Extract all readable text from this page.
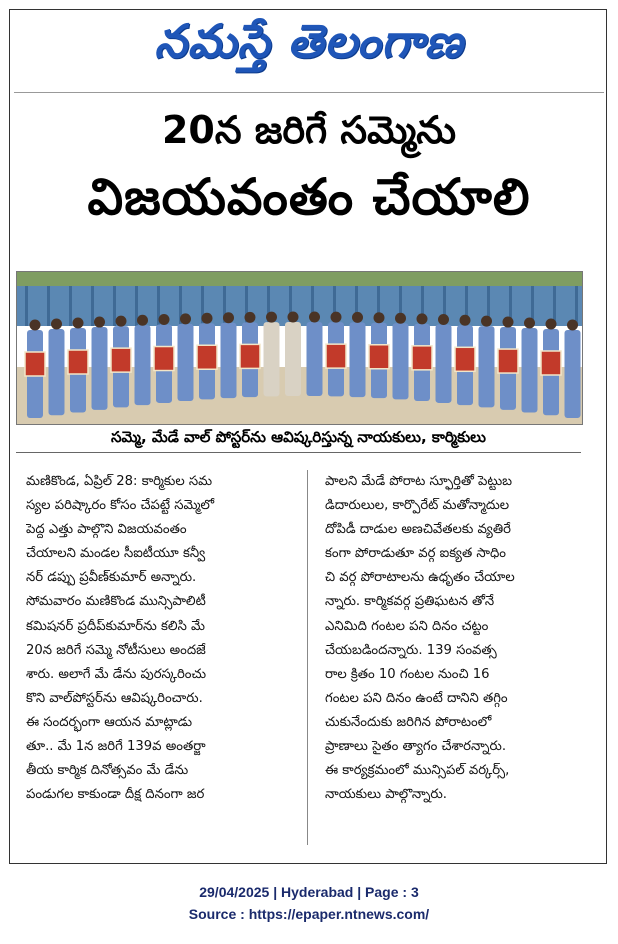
నమస్తే తెలంగాణ
20న జరిగే సమ్మెను
విజయవంతం చేయాలి
సమ్మె, మేడే వాల్ పోస్టర్‌ను ఆవిష్కరిస్తున్న నాయకులు, కార్మికులు
మణికొండ, ఏప్రిల్ 28: కార్మికుల సమ
స్యల పరిష్కారం కోసం చేపట్టే సమ్మెలో
పెద్ద ఎత్తు పాల్గొని విజయవంతం
చేయాలని మండల సీఐటీయూ కన్వీ
నర్ డప్పు ప్రవీణ్‌కుమార్ అన్నారు.
సోమవారం మణికొండ మున్సిపాలిటీ
కమిషనర్ ప్రదీప్‌కుమార్‌ను కలిసి మే
20న జరిగే సమ్మె నోటీసులు అందజే
శారు. అలాగే మే డేను పురస్కరించు
కొని వాల్‌పోస్టర్‌ను ఆవిష్కరించారు.
ఈ సందర్భంగా ఆయన మాట్లాడు
తూ.. మే 1న జరిగే 139వ అంతర్జా
తీయ కార్మిక దినోత్సవం మే డేను
పండుగల కాకుండా దీక్ష దినంగా జర
పాలని మేడే పోరాట స్ఫూర్తితో పెట్టుబ
డిదారులుల, కార్పొరేట్ మతోన్మాదుల
దోపిడీ దాడుల అణచివేతలకు వ్యతిరే
కంగా పోరాడుతూ వర్గ ఐక్యత సాధిం
చి వర్గ పోరాటాలను ఉధృతం చేయాల
న్నారు. కార్మికవర్గ ప్రతిఘటన తోనే
ఎనిమిది గంటల పని దినం చట్టం
చేయబడిందన్నారు. 139 సంవత్స
రాల క్రితం 10 గంటల నుంచి 16
గంటల పని దినం ఉంటే దానిని తగ్గిం
చుకునేందుకు జరిగిన పోరాటంలో
ప్రాణాలు సైతం త్యాగం చేశారన్నారు.
ఈ కార్యక్రమంలో మున్సిపల్ వర్కర్స్,
నాయకులు పాల్గొన్నారు.
29/04/2025 | Hyderabad | Page : 3
Source : https://epaper.ntnews.com/
